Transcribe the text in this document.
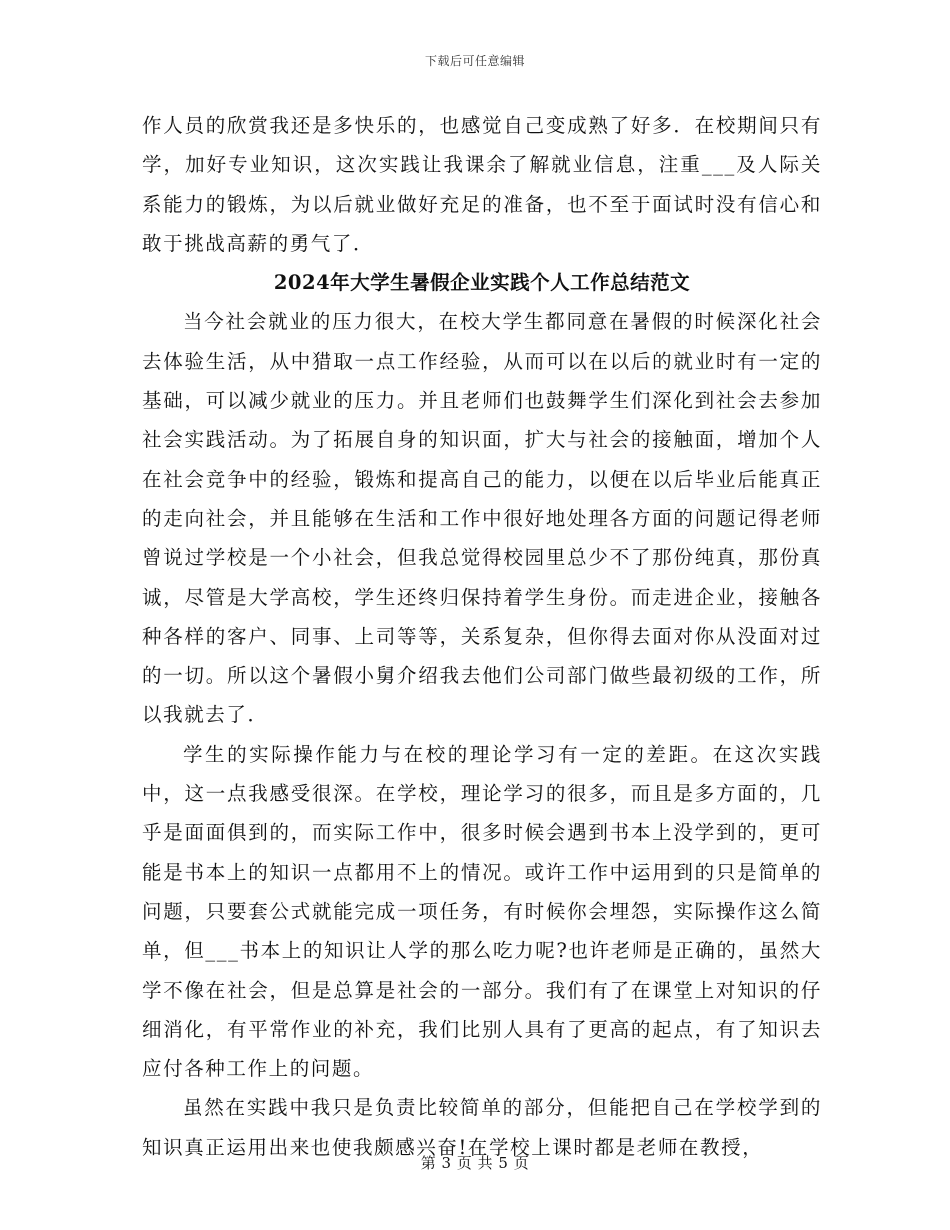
下载后可任意编辑

作人员的欣赏我还是多快乐的，也感觉自己变成熟了好多．在校期间只有学，加好专业知识，这次实践让我课余了解就业信息，注重___及人际关系能力的锻炼，为以后就业做好充足的准备，也不至于面试时没有信心和敢于挑战高薪的勇气了．

2024年大学生暑假企业实践个人工作总结范文

当今社会就业的压力很大，在校大学生都同意在暑假的时候深化社会去体验生活，从中猎取一点工作经验，从而可以在以后的就业时有一定的基础，可以减少就业的压力。并且老师们也鼓舞学生们深化到社会去参加社会实践活动。为了拓展自身的知识面，扩大与社会的接触面，增加个人在社会竞争中的经验，锻炼和提高自己的能力，以便在以后毕业后能真正的走向社会，并且能够在生活和工作中很好地处理各方面的问题记得老师曾说过学校是一个小社会，但我总觉得校园里总少不了那份纯真，那份真诚，尽管是大学高校，学生还终归保持着学生身份。而走进企业，接触各种各样的客户、同事、上司等等，关系复杂，但你得去面对你从没面对过的一切。所以这个暑假小舅介绍我去他们公司部门做些最初级的工作，所以我就去了．

学生的实际操作能力与在校的理论学习有一定的差距。在这次实践中，这一点我感受很深。在学校，理论学习的很多，而且是多方面的，几乎是面面俱到的，而实际工作中，很多时候会遇到书本上没学到的，更可能是书本上的知识一点都用不上的情况。或许工作中运用到的只是简单的问题，只要套公式就能完成一项任务，有时候你会埋怨，实际操作这么简单，但___书本上的知识让人学的那么吃力呢?也许老师是正确的，虽然大学不像在社会，但是总算是社会的一部分。我们有了在课堂上对知识的仔细消化，有平常作业的补充，我们比别人具有了更高的起点，有了知识去应付各种工作上的问题。

虽然在实践中我只是负责比较简单的部分，但能把自己在学校学到的知识真正运用出来也使我颇感兴奋!在学校上课时都是老师在教授，

第 3 页 共 5 页
